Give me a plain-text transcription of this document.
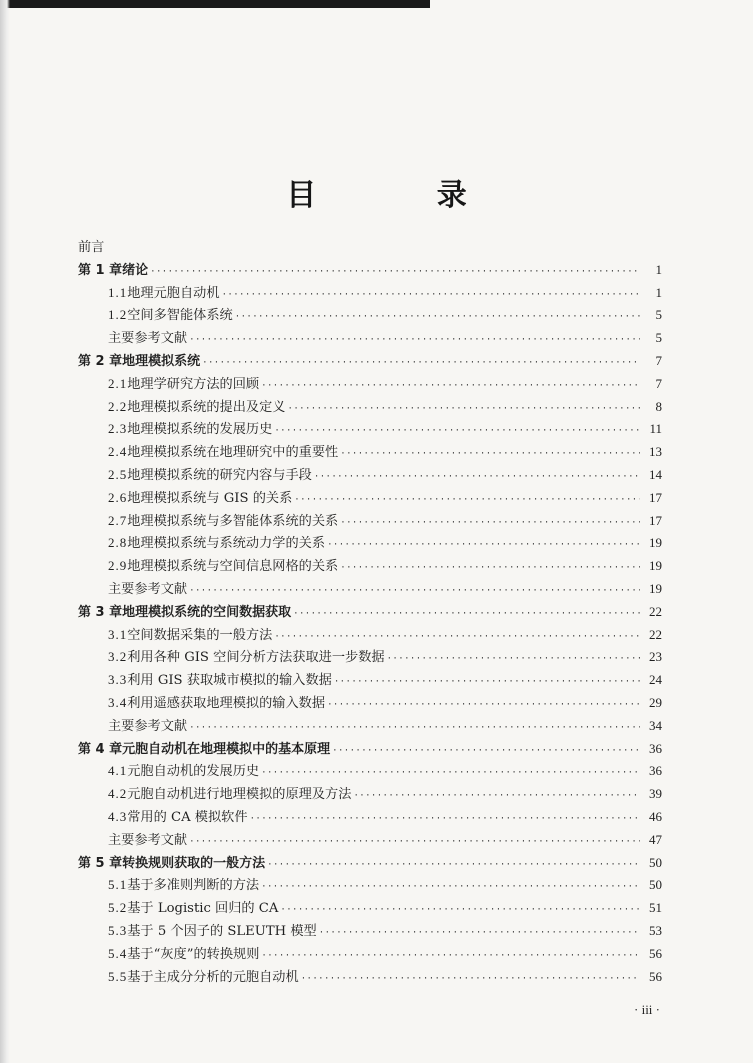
目 录
前言
第 1 章 绪论 ·····	1
1.1 地理元胞自动机 ·····	1
1.2 空间多智能体系统 ·····	5
主要参考文献 ·····	5
第 2 章 地理模拟系统 ·····	7
2.1 地理学研究方法的回顾 ·····	7
2.2 地理模拟系统的提出及定义 ·····	8
2.3 地理模拟系统的发展历史 ·····	11
2.4 地理模拟系统在地理研究中的重要性 ·····	13
2.5 地理模拟系统的研究内容与手段 ·····	14
2.6 地理模拟系统与 GIS 的关系 ·····	17
2.7 地理模拟系统与多智能体系统的关系 ·····	17
2.8 地理模拟系统与系统动力学的关系 ·····	19
2.9 地理模拟系统与空间信息网格的关系 ·····	19
主要参考文献 ·····	19
第 3 章 地理模拟系统的空间数据获取 ·····	22
3.1 空间数据采集的一般方法 ·····	22
3.2 利用各种 GIS 空间分析方法获取进一步数据 ·····	23
3.3 利用 GIS 获取城市模拟的输入数据 ·····	24
3.4 利用遥感获取地理模拟的输入数据 ·····	29
主要参考文献 ·····	34
第 4 章 元胞自动机在地理模拟中的基本原理 ·····	36
4.1 元胞自动机的发展历史 ·····	36
4.2 元胞自动机进行地理模拟的原理及方法 ·····	39
4.3 常用的 CA 模拟软件 ·····	46
主要参考文献 ·····	47
第 5 章 转换规则获取的一般方法 ·····	50
5.1 基于多准则判断的方法 ·····	50
5.2 基于 Logistic 回归的 CA ·····	51
5.3 基于 5 个因子的 SLEUTH 模型 ·····	53
5.4 基于“灰度”的转换规则 ·····	56
5.5 基于主成分分析的元胞自动机 ·····	56
· iii ·
